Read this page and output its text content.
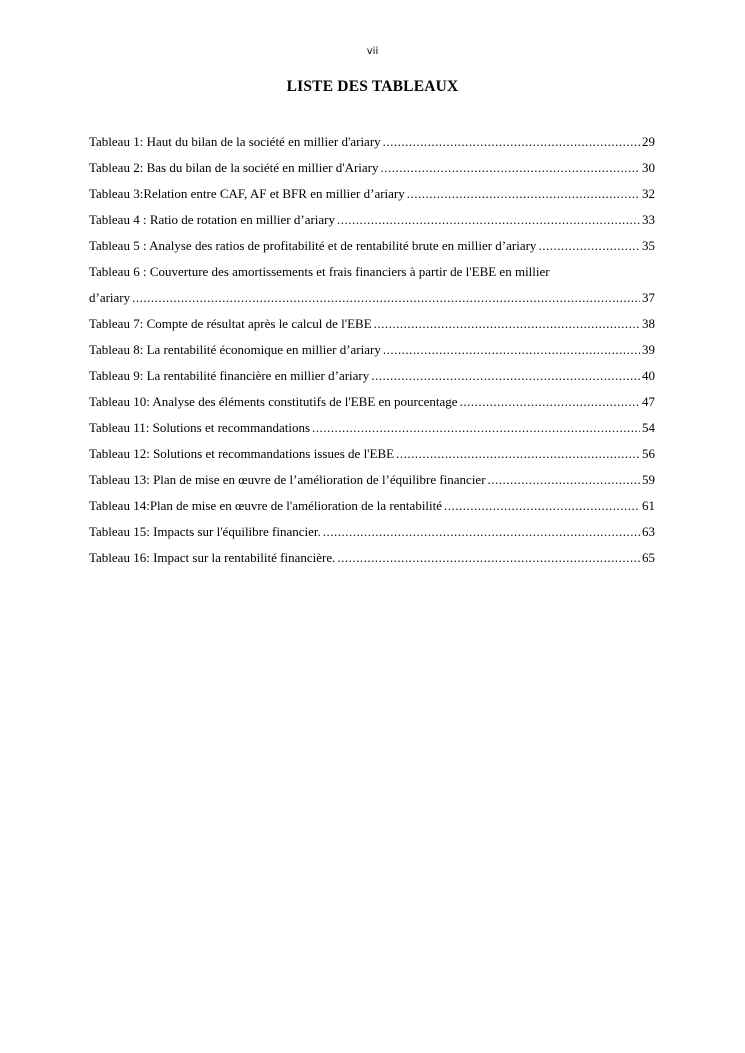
vii
LISTE DES TABLEAUX
Tableau 1: Haut du bilan de la société en millier d'ariary .....	29
Tableau 2: Bas du bilan de la société en millier d'Ariary .....	30
Tableau 3:Relation entre CAF, AF et BFR en millier d’ariary .....	32
Tableau 4 : Ratio de rotation en millier d’ariary .....	33
Tableau 5 : Analyse des ratios de profitabilité et de rentabilité brute en millier d’ariary .....	35
Tableau 6 : Couverture des amortissements et frais financiers à partir de l'EBE en millier
d’ariary .....	37
Tableau 7: Compte de résultat après le calcul de l'EBE .....	38
Tableau 8: La rentabilité économique en millier d’ariary .....	39
Tableau 9: La rentabilité financière en millier d’ariary .....	40
Tableau 10: Analyse des éléments constitutifs de l'EBE en pourcentage .....	47
Tableau 11: Solutions et recommandations .....	54
Tableau 12: Solutions et recommandations issues de l'EBE .....	56
Tableau 13: Plan de mise en œuvre de l’amélioration de l’équilibre financier .....	59
Tableau 14:Plan de mise en œuvre de l'amélioration de la rentabilité .....	61
Tableau 15: Impacts sur l'équilibre financier. .....	63
Tableau 16: Impact sur la rentabilité financière. .....	65
